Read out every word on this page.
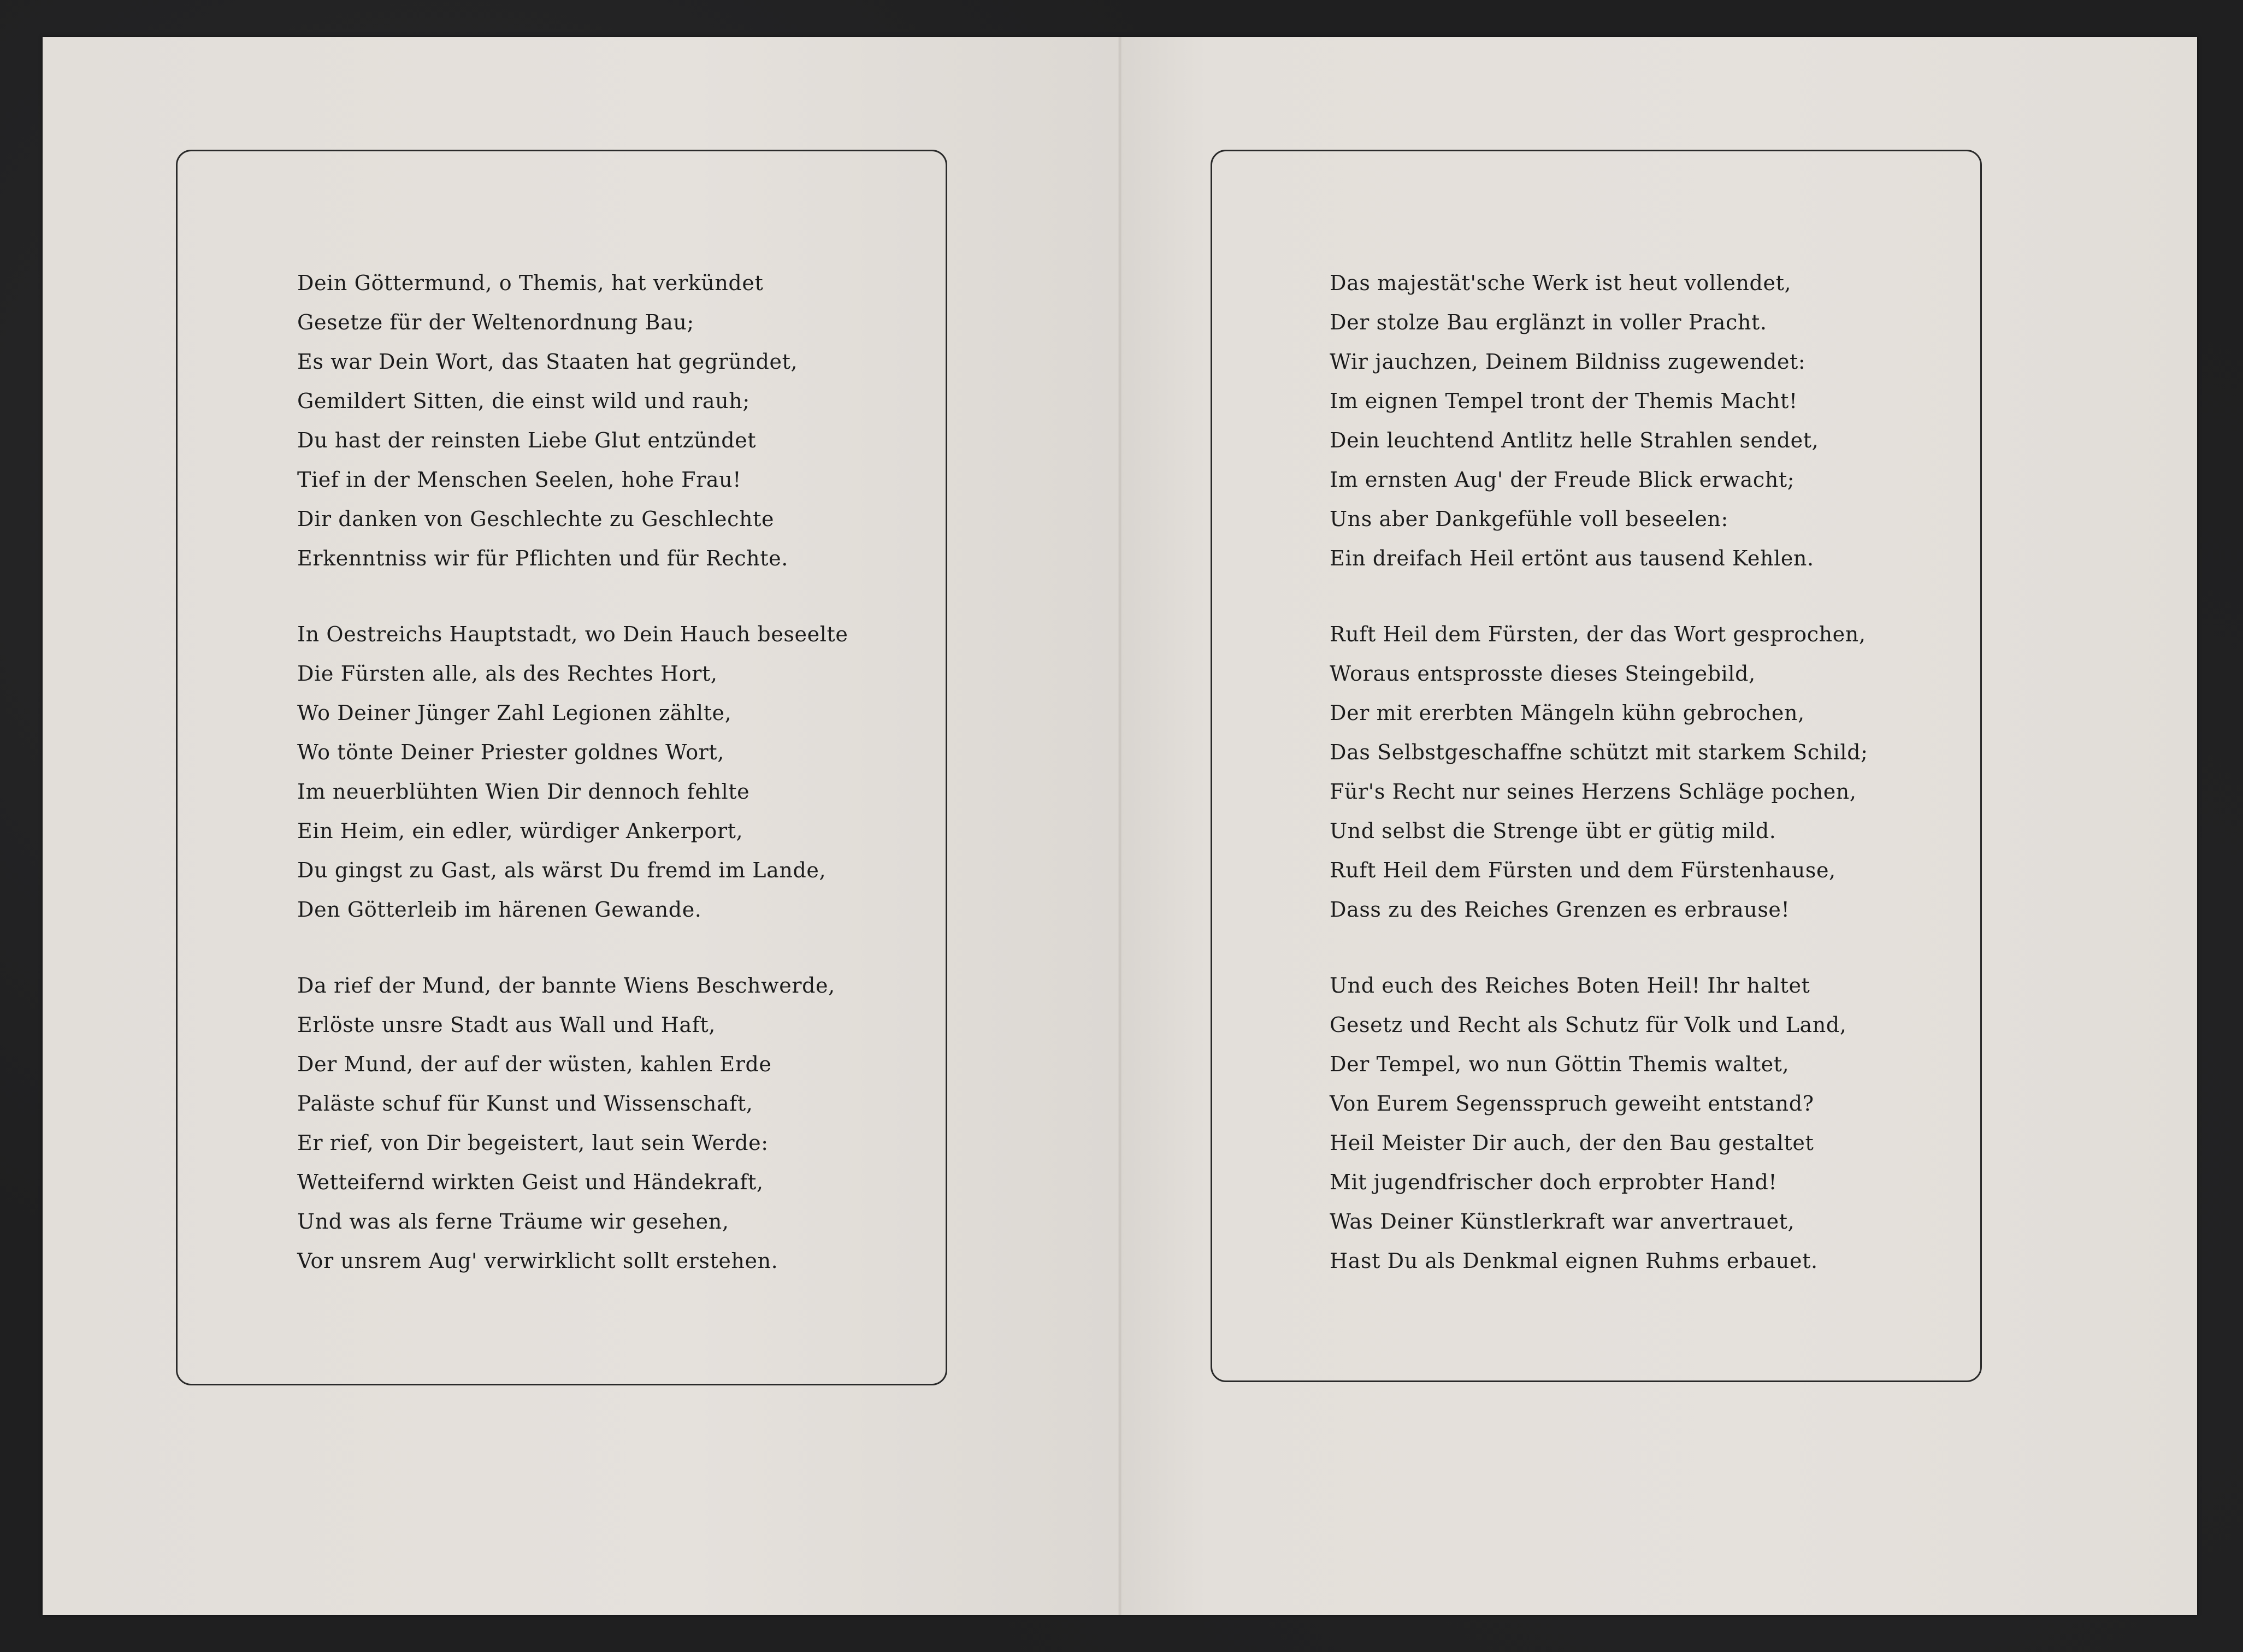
Dein Göttermund, o Themis, hat verkündet
Gesetze für der Weltenordnung Bau;
Es war Dein Wort, das Staaten hat gegründet,
Gemildert Sitten, die einst wild und rauh;
Du hast der reinsten Liebe Glut entzündet
Tief in der Menschen Seelen, hohe Frau!
Dir danken von Geschlechte zu Geschlechte
Erkenntniss wir für Pflichten und für Rechte.
In Oestreichs Hauptstadt, wo Dein Hauch beseelte
Die Fürsten alle, als des Rechtes Hort,
Wo Deiner Jünger Zahl Legionen zählte,
Wo tönte Deiner Priester goldnes Wort,
Im neuerblühten Wien Dir dennoch fehlte
Ein Heim, ein edler, würdiger Ankerport,
Du gingst zu Gast, als wärst Du fremd im Lande,
Den Götterleib im härenen Gewande.
Da rief der Mund, der bannte Wiens Beschwerde,
Erlöste unsre Stadt aus Wall und Haft,
Der Mund, der auf der wüsten, kahlen Erde
Paläste schuf für Kunst und Wissenschaft,
Er rief, von Dir begeistert, laut sein Werde:
Wetteifernd wirkten Geist und Händekraft,
Und was als ferne Träume wir gesehen,
Vor unsrem Aug' verwirklicht sollt erstehen.
Das majestät'sche Werk ist heut vollendet,
Der stolze Bau erglänzt in voller Pracht.
Wir jauchzen, Deinem Bildniss zugewendet:
Im eignen Tempel tront der Themis Macht!
Dein leuchtend Antlitz helle Strahlen sendet,
Im ernsten Aug' der Freude Blick erwacht;
Uns aber Dankgefühle voll beseelen:
Ein dreifach Heil ertönt aus tausend Kehlen.
Ruft Heil dem Fürsten, der das Wort gesprochen,
Woraus entsprosste dieses Steingebild,
Der mit ererbten Mängeln kühn gebrochen,
Das Selbstgeschaffne schützt mit starkem Schild;
Für's Recht nur seines Herzens Schläge pochen,
Und selbst die Strenge übt er gütig mild.
Ruft Heil dem Fürsten und dem Fürstenhause,
Dass zu des Reiches Grenzen es erbrause!
Und euch des Reiches Boten Heil! Ihr haltet
Gesetz und Recht als Schutz für Volk und Land,
Der Tempel, wo nun Göttin Themis waltet,
Von Eurem Segensspruch geweiht entstand?
Heil Meister Dir auch, der den Bau gestaltet
Mit jugendfrischer doch erprobter Hand!
Was Deiner Künstlerkraft war anvertrauet,
Hast Du als Denkmal eignen Ruhms erbauet.
